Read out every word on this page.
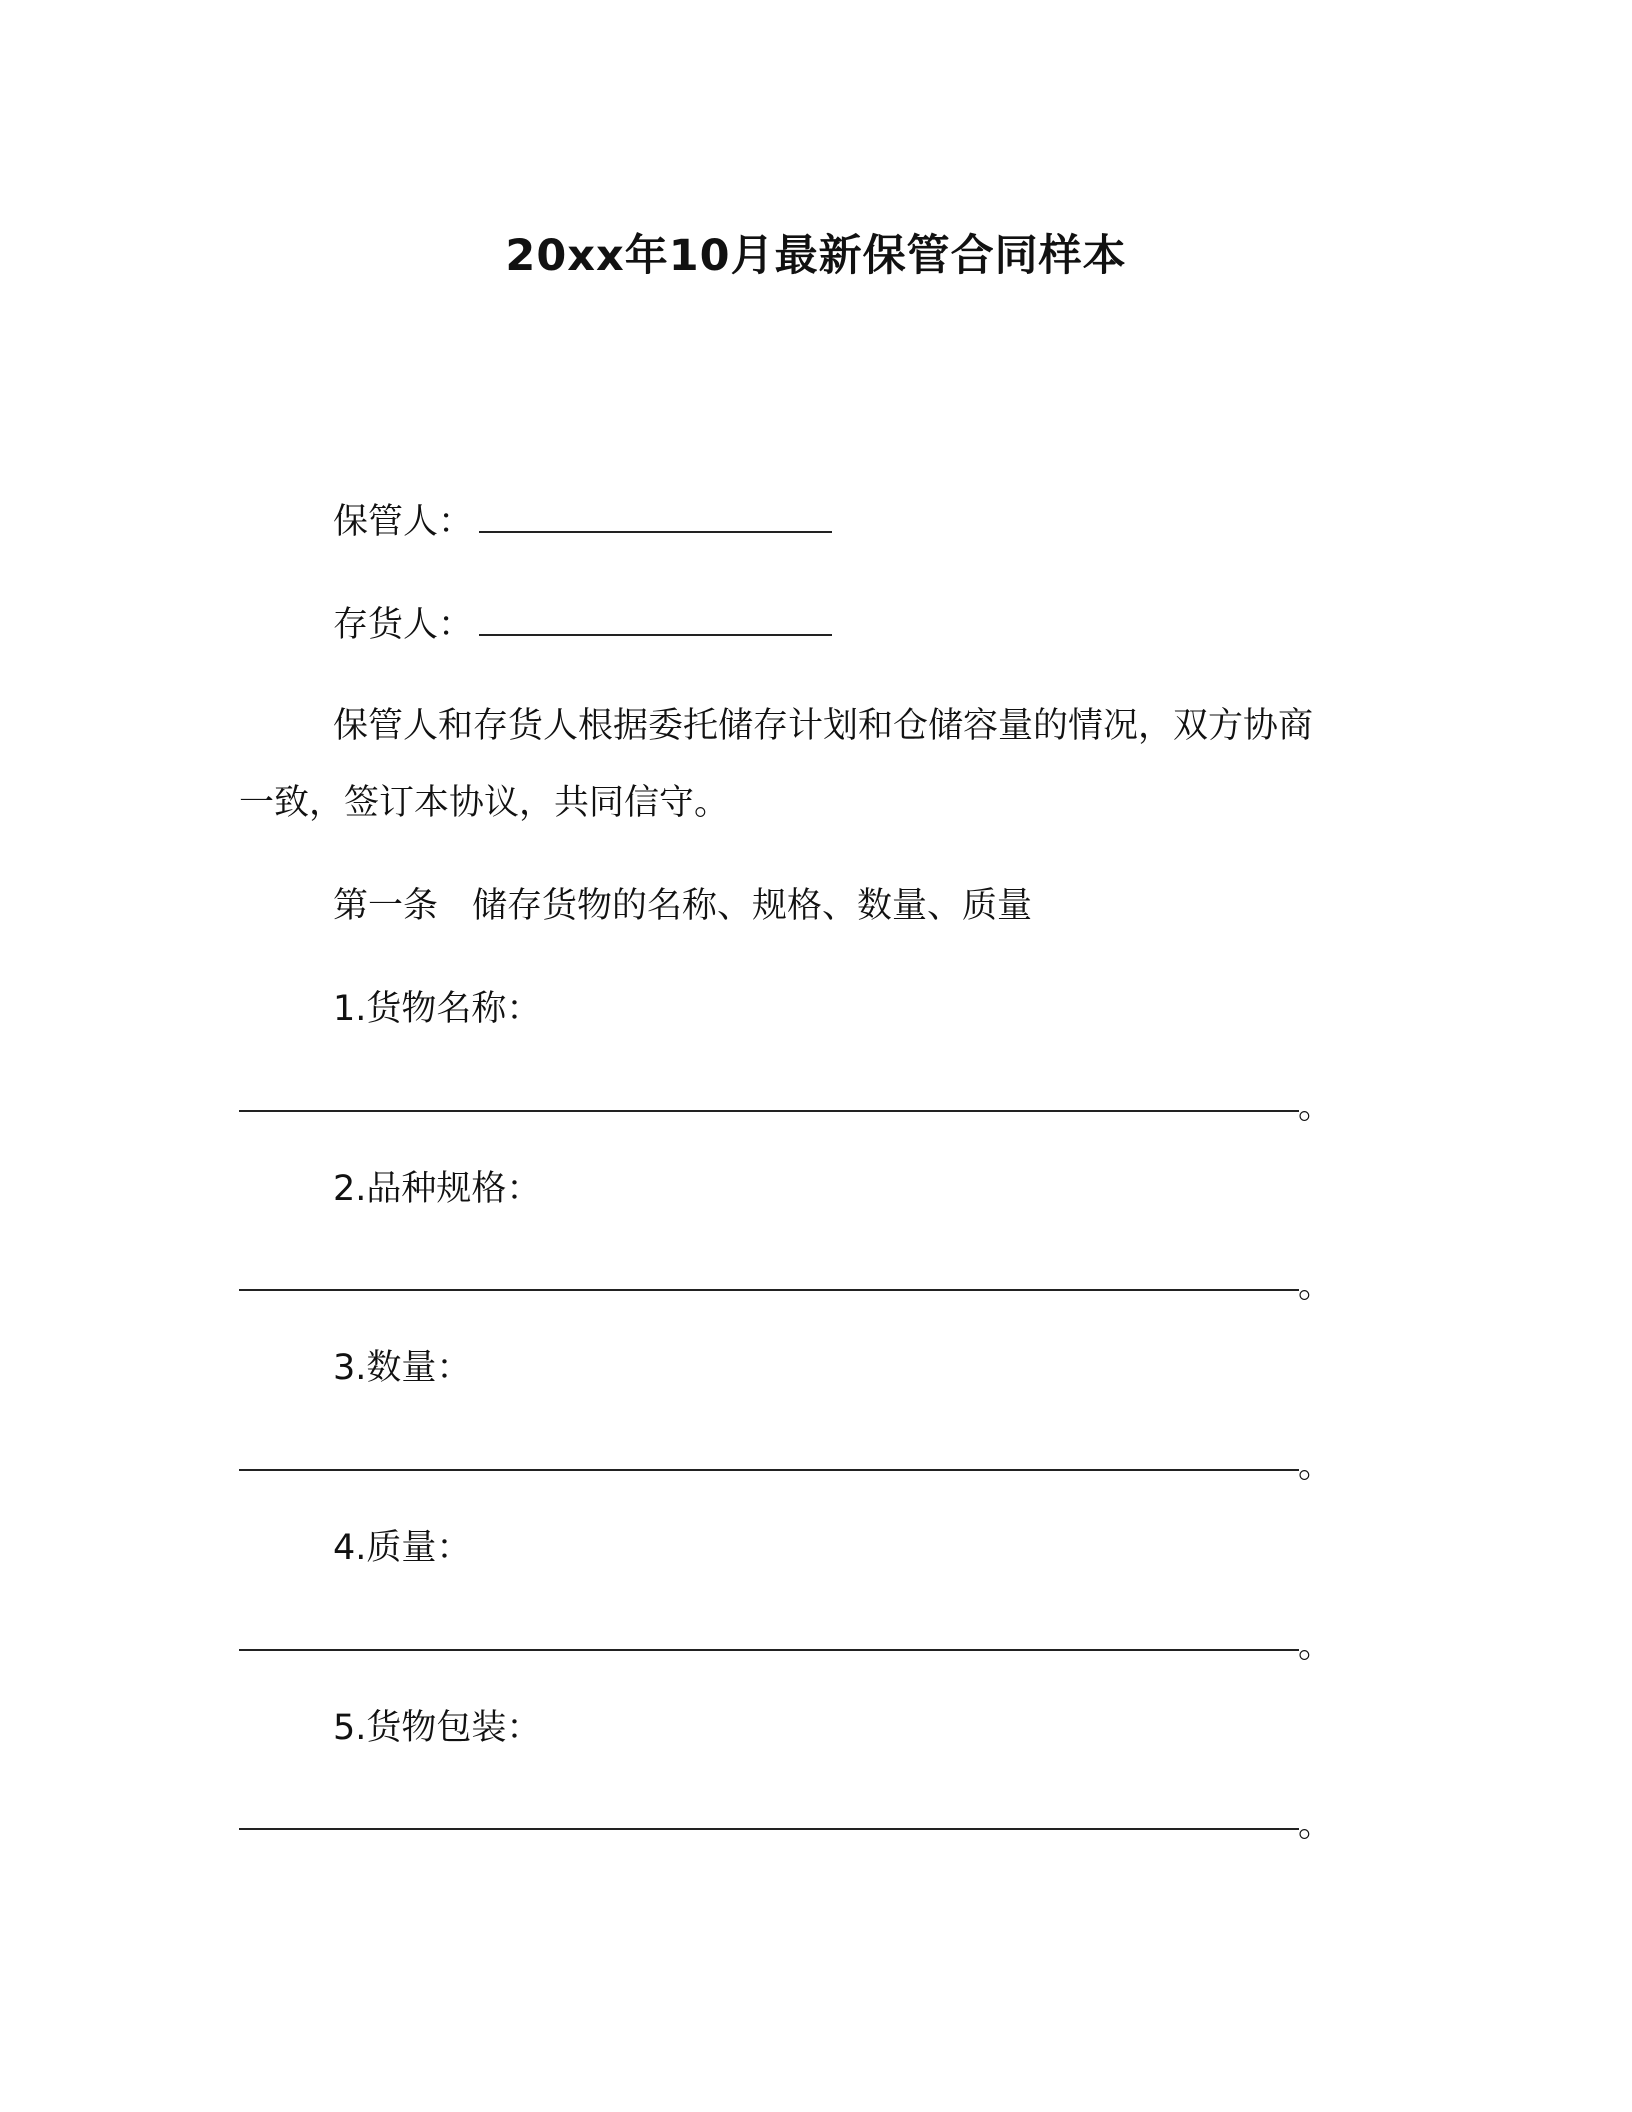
20xx年10月最新保管合同样本
保管人：
存货人：
保管人和存货人根据委托储存计划和仓储容量的情况，双方协商
一致，签订本协议，共同信守。
第一条 储存货物的名称、规格、数量、质量
1.货物名称：
。
2.品种规格：
。
3.数量：
。
4.质量：
。
5.货物包装：
。
